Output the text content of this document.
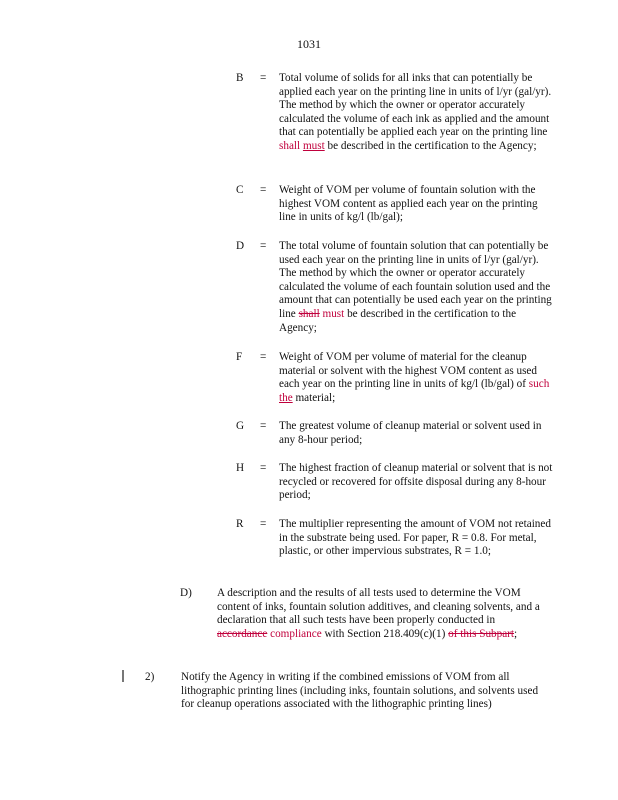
1031
B	= Total volume of solids for all inks that can potentially be applied each year on the printing line in units of l/yr (gal/yr). The method by which the owner or operator accurately calculated the volume of each ink as applied and the amount that can potentially be applied each year on the printing line shall must be described in the certification to the Agency;
C	= Weight of VOM per volume of fountain solution with the highest VOM content as applied each year on the printing line in units of kg/l (lb/gal);
D	= The total volume of fountain solution that can potentially be used each year on the printing line in units of l/yr (gal/yr). The method by which the owner or operator accurately calculated the volume of each fountain solution used and the amount that can potentially be used each year on the printing line shall must be described in the certification to the Agency;
F	= Weight of VOM per volume of material for the cleanup material or solvent with the highest VOM content as used each year on the printing line in units of kg/l (lb/gal) of such the material;
G	= The greatest volume of cleanup material or solvent used in any 8-hour period;
H	= The highest fraction of cleanup material or solvent that is not recycled or recovered for offsite disposal during any 8-hour period;
R	= The multiplier representing the amount of VOM not retained in the substrate being used. For paper, R = 0.8. For metal, plastic, or other impervious substrates, R = 1.0;
D) A description and the results of all tests used to determine the VOM content of inks, fountain solution additives, and cleaning solvents, and a declaration that all such tests have been properly conducted in accordance compliance with Section 218.409(c)(1) of this Subpart;
2) Notify the Agency in writing if the combined emissions of VOM from all lithographic printing lines (including inks, fountain solutions, and solvents used for cleanup operations associated with the lithographic printing lines)
